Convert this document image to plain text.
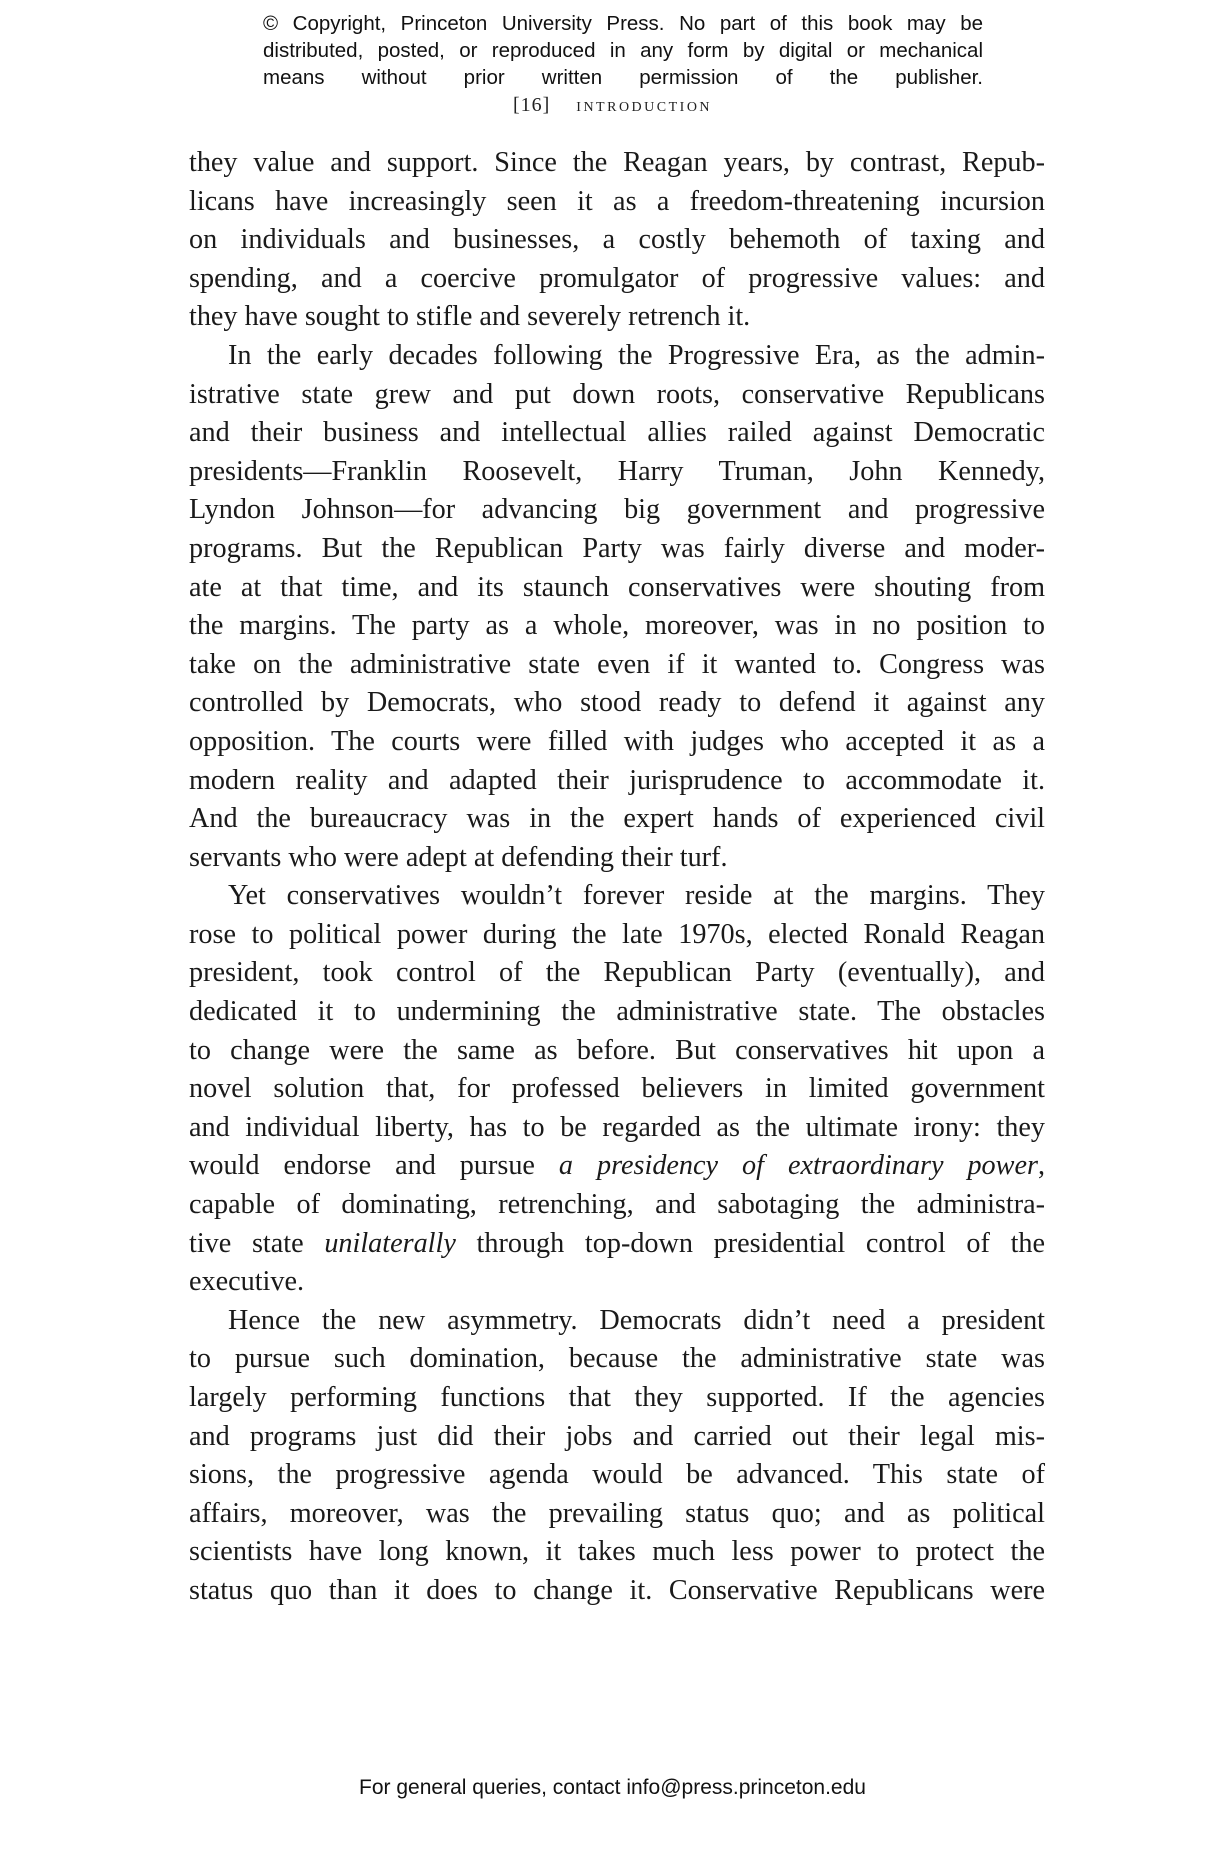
© Copyright, Princeton University Press. No part of this book may be
distributed, posted, or reproduced in any form by digital or mechanical
means without prior written permission of the publisher.
[16] introduction

they value and support. Since the Reagan years, by contrast, Repub-
licans have increasingly seen it as a freedom-threatening incursion
on individuals and businesses, a costly behemoth of taxing and
spending, and a coercive promulgator of progressive values: and
they have sought to stifle and severely retrench it.

In the early decades following the Progressive Era, as the admin-
istrative state grew and put down roots, conservative Republicans
and their business and intellectual allies railed against Democratic
presidents—Franklin Roosevelt, Harry Truman, John Kennedy,
Lyndon Johnson—for advancing big government and progressive
programs. But the Republican Party was fairly diverse and moder-
ate at that time, and its staunch conservatives were shouting from
the margins. The party as a whole, moreover, was in no position to
take on the administrative state even if it wanted to. Congress was
controlled by Democrats, who stood ready to defend it against any
opposition. The courts were filled with judges who accepted it as a
modern reality and adapted their jurisprudence to accommodate it.
And the bureaucracy was in the expert hands of experienced civil
servants who were adept at defending their turf.

Yet conservatives wouldn’t forever reside at the margins. They
rose to political power during the late 1970s, elected Ronald Reagan
president, took control of the Republican Party (eventually), and
dedicated it to undermining the administrative state. The obstacles
to change were the same as before. But conservatives hit upon a
novel solution that, for professed believers in limited government
and individual liberty, has to be regarded as the ultimate irony: they
would endorse and pursue a presidency of extraordinary power,
capable of dominating, retrenching, and sabotaging the administra-
tive state unilaterally through top-down presidential control of the
executive.

Hence the new asymmetry. Democrats didn’t need a president
to pursue such domination, because the administrative state was
largely performing functions that they supported. If the agencies
and programs just did their jobs and carried out their legal mis-
sions, the progressive agenda would be advanced. This state of
affairs, moreover, was the prevailing status quo; and as political
scientists have long known, it takes much less power to protect the
status quo than it does to change it. Conservative Republicans were

For general queries, contact info@press.princeton.edu
